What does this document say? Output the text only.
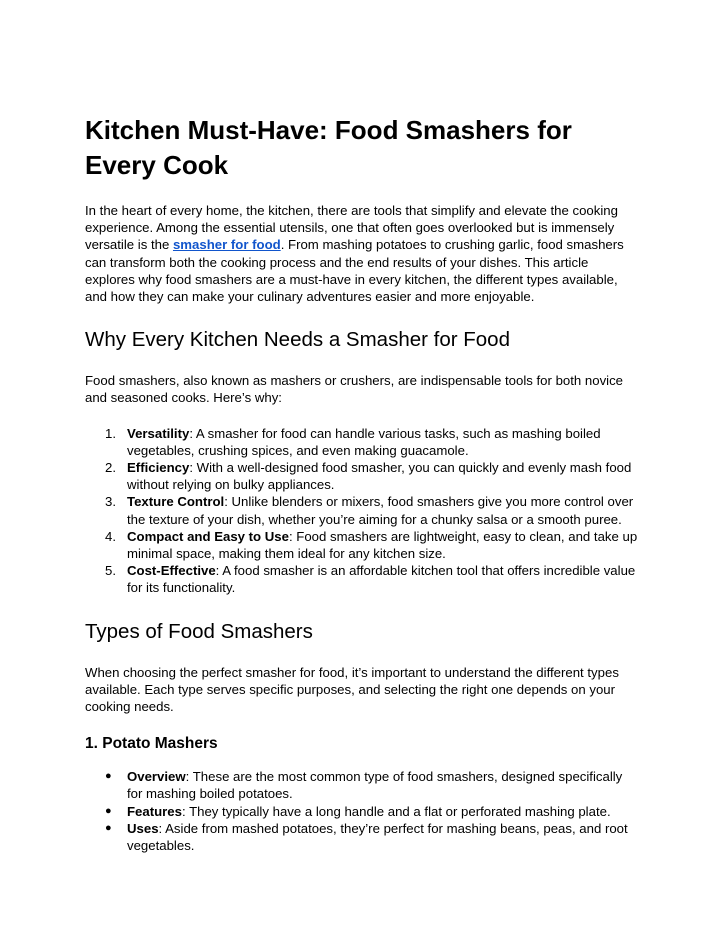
Kitchen Must-Have: Food Smashers for Every Cook

In the heart of every home, the kitchen, there are tools that simplify and elevate the cooking experience. Among the essential utensils, one that often goes overlooked but is immensely versatile is the smasher for food. From mashing potatoes to crushing garlic, food smashers can transform both the cooking process and the end results of your dishes. This article explores why food smashers are a must-have in every kitchen, the different types available, and how they can make your culinary adventures easier and more enjoyable.

Why Every Kitchen Needs a Smasher for Food

Food smashers, also known as mashers or crushers, are indispensable tools for both novice and seasoned cooks. Here’s why:

1. Versatility: A smasher for food can handle various tasks, such as mashing boiled vegetables, crushing spices, and even making guacamole.
2. Efficiency: With a well-designed food smasher, you can quickly and evenly mash food without relying on bulky appliances.
3. Texture Control: Unlike blenders or mixers, food smashers give you more control over the texture of your dish, whether you’re aiming for a chunky salsa or a smooth puree.
4. Compact and Easy to Use: Food smashers are lightweight, easy to clean, and take up minimal space, making them ideal for any kitchen size.
5. Cost-Effective: A food smasher is an affordable kitchen tool that offers incredible value for its functionality.
Types of Food Smashers

When choosing the perfect smasher for food, it’s important to understand the different types available. Each type serves specific purposes, and selecting the right one depends on your cooking needs.

1. Potato Mashers
● Overview: These are the most common type of food smashers, designed specifically for mashing boiled potatoes.
● Features: They typically have a long handle and a flat or perforated mashing plate.
● Uses: Aside from mashed potatoes, they’re perfect for mashing beans, peas, and root vegetables.
